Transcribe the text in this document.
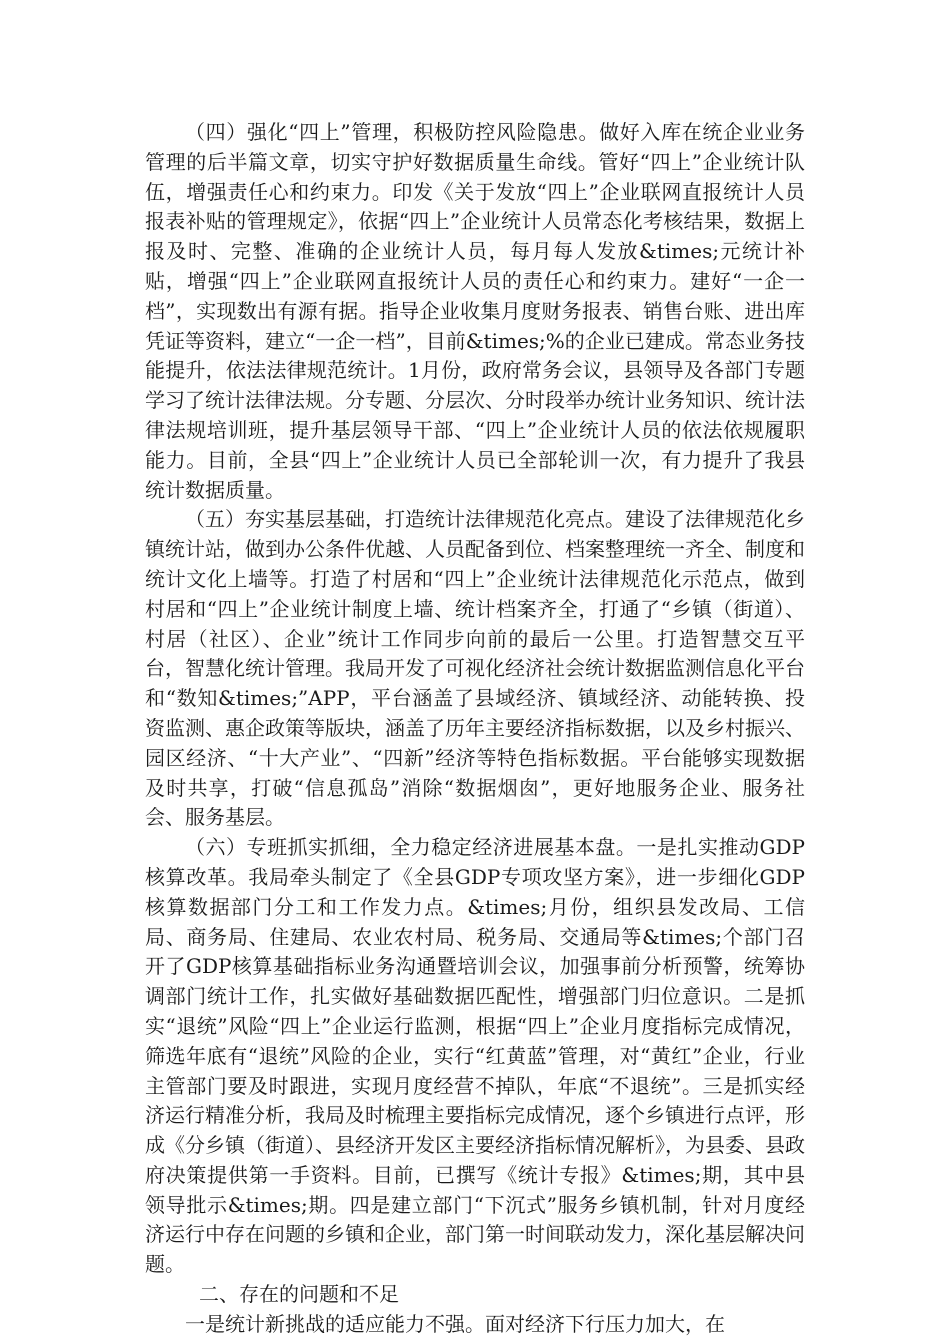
（四）强化“四上”管理，积极防控风险隐患。做好入库在统企业业务管理的后半篇文章，切实守护好数据质量生命线。管好“四上”企业统计队伍，增强责任心和约束力。印发《关于发放“四上”企业联网直报统计人员报表补贴的管理规定》，依据“四上”企业统计人员常态化考核结果，数据上报及时、完整、准确的企业统计人员，每月每人发放&times;元统计补贴，增强“四上”企业联网直报统计人员的责任心和约束力。建好“一企一档”，实现数出有源有据。指导企业收集月度财务报表、销售台账、进出库凭证等资料，建立“一企一档”，目前&times;%的企业已建成。常态业务技能提升，依法法律规范统计。1月份，政府常务会议，县领导及各部门专题学习了统计法律法规。分专题、分层次、分时段举办统计业务知识、统计法律法规培训班，提升基层领导干部、“四上”企业统计人员的依法依规履职能力。目前，全县“四上”企业统计人员已全部轮训一次，有力提升了我县统计数据质量。

（五）夯实基层基础，打造统计法律规范化亮点。建设了法律规范化乡镇统计站，做到办公条件优越、人员配备到位、档案整理统一齐全、制度和统计文化上墙等。打造了村居和“四上”企业统计法律规范化示范点，做到村居和“四上”企业统计制度上墙、统计档案齐全，打通了“乡镇（街道）、村居（社区）、企业”统计工作同步向前的最后一公里。打造智慧交互平台，智慧化统计管理。我局开发了可视化经济社会统计数据监测信息化平台和“数知&times;”APP，平台涵盖了县域经济、镇域经济、动能转换、投资监测、惠企政策等版块，涵盖了历年主要经济指标数据，以及乡村振兴、园区经济、“十大产业”、“四新”经济等特色指标数据。平台能够实现数据及时共享，打破“信息孤岛”消除“数据烟囱”，更好地服务企业、服务社会、服务基层。

（六）专班抓实抓细，全力稳定经济进展基本盘。一是扎实推动GDP核算改革。我局牵头制定了《全县GDP专项攻坚方案》，进一步细化GDP核算数据部门分工和工作发力点。&times;月份，组织县发改局、工信局、商务局、住建局、农业农村局、税务局、交通局等&times;个部门召开了GDP核算基础指标业务沟通暨培训会议，加强事前分析预警，统筹协调部门统计工作，扎实做好基础数据匹配性，增强部门归位意识。二是抓实“退统”风险“四上”企业运行监测，根据“四上”企业月度指标完成情况，筛选年底有“退统”风险的企业，实行“红黄蓝”管理，对“黄红”企业，行业主管部门要及时跟进，实现月度经营不掉队，年底“不退统”。三是抓实经济运行精准分析，我局及时梳理主要指标完成情况，逐个乡镇进行点评，形成《分乡镇（街道）、县经济开发区主要经济指标情况解析》，为县委、县政府决策提供第一手资料。目前，已撰写《统计专报》&times;期，其中县领导批示&times;期。四是建立部门“下沉式”服务乡镇机制，针对月度经济运行中存在问题的乡镇和企业，部门第一时间联动发力，深化基层解决问题。

二、存在的问题和不足

一是统计新挑战的适应能力不强。面对经济下行压力加大，在
